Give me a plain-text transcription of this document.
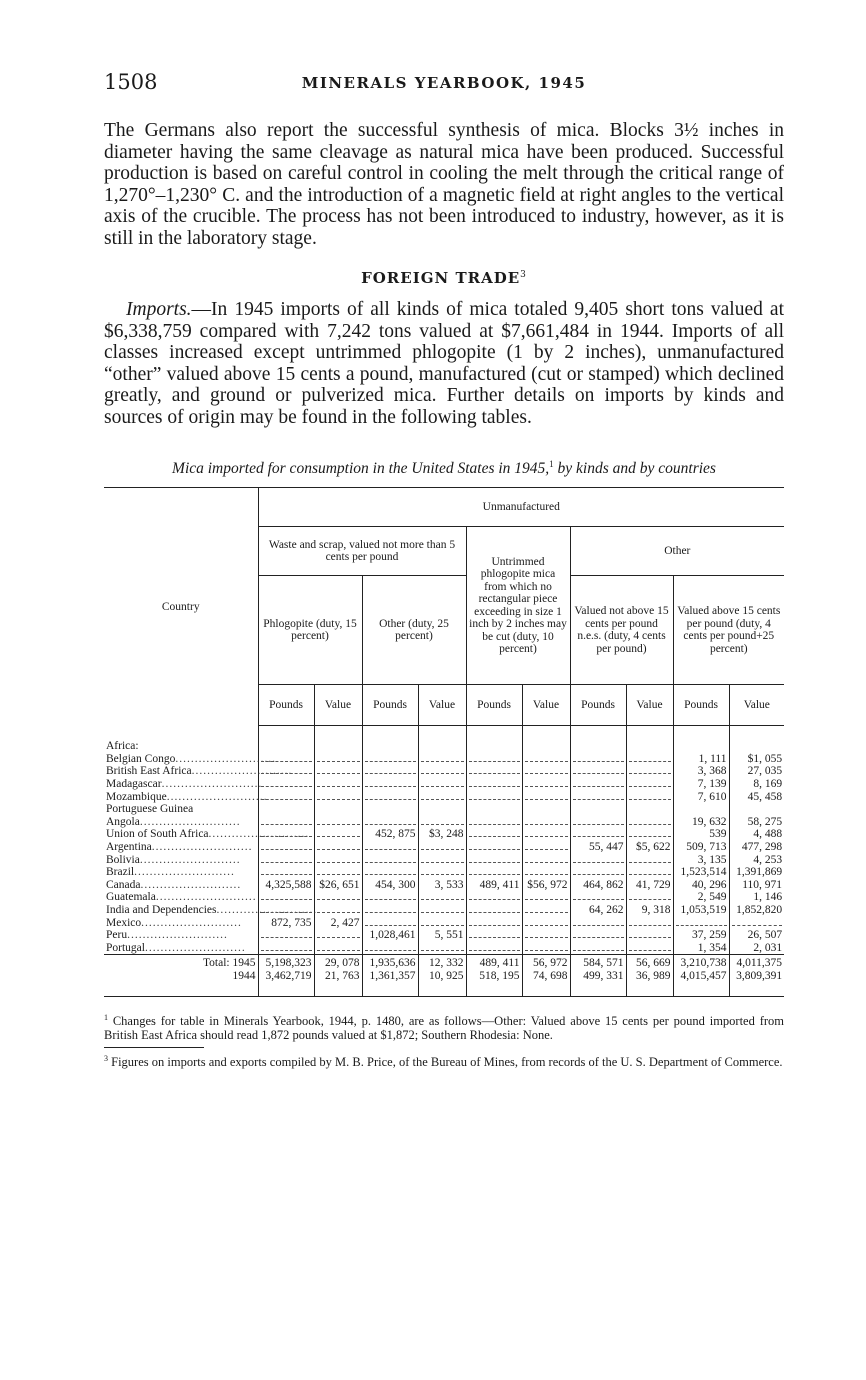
1508	MINERALS YEARBOOK, 1945

The Germans also report the successful synthesis of mica. Blocks 3½ inches in diameter having the same cleavage as natural mica have been produced. Successful production is based on careful control in cooling the melt through the critical range of 1,270°–1,230° C. and the introduction of a magnetic field at right angles to the vertical axis of the crucible. The process has not been introduced to industry, however, as it is still in the laboratory stage.

FOREIGN TRADE$^3$

Imports.—In 1945 imports of all kinds of mica totaled 9,405 short tons valued at $6,338,759 compared with 7,242 tons valued at $7,661,484 in 1944. Imports of all classes increased except untrimmed phlogopite (1 by 2 inches), unmanufactured “other” valued above 15 cents a pound, manufactured (cut or stamped) which declined greatly, and ground or pulverized mica. Further details on imports by kinds and sources of origin may be found in the following tables.

Mica imported for consumption in the United States in 1945,$^1$ by kinds and by countries
Country	Unmanufactured									
	Waste and scrap, valued not more than 5 cents per pound				Untrimmed phlogopite mica from which no rectangular piece exceeding in size 1 inch by 2 inches may be cut (duty, 10 percent)		Other			
	Phlogopite (duty, 15 percent)		Other (duty, 25 percent)				Valued not above 15 cents per pound n.e.s. (duty, 4 cents per pound)		Valued above 15 cents per pound (duty, 4 cents per pound+25 percent)	
	Pounds	Value	Pounds	Value	Pounds	Value	Pounds	Value	Pounds	Value

Africa:										
Belgian Congo..........................									1, 111	$1, 055
British East Africa..........................									3, 368	27, 035
Madagascar..........................									7, 139	8, 169
Mozambique..........................									7, 610	45, 458
Portuguese Guinea										
Angola..........................									19, 632	58, 275
Union of South Africa..........................			452, 875	$3, 248					539	4, 488
Argentina..........................							55, 447	$5, 622	509, 713	477, 298
Bolivia..........................									3, 135	4, 253
Brazil..........................									1,523,514	1,391,869
Canada..........................	4,325,588	$26, 651	454, 300	3, 533	489, 411	$56, 972	464, 862	41, 729	40, 296	110, 971
Guatemala..........................									2, 549	1, 146
India and Dependencies..........................							64, 262	9, 318	1,053,519	1,852,820
Mexico..........................	872, 735	2, 427								
Peru..........................			1,028,461	5, 551					37, 259	26, 507
Portugal..........................									1, 354	2, 031
Total: 1945	5,198,323	29, 078	1,935,636	12, 332	489, 411	56, 972	584, 571	56, 669	3,210,738	4,011,375
1944	3,462,719	21, 763	1,361,357	10, 925	518, 195	74, 698	499, 331	36, 989	4,015,457	3,809,391

$^1$ Changes for table in Minerals Yearbook, 1944, p. 1480, are as follows—Other: Valued above 15 cents per pound imported from British East Africa should read 1,872 pounds valued at $1,872; Southern Rhodesia: None.

$^3$ Figures on imports and exports compiled by M. B. Price, of the Bureau of Mines, from records of the U. S. Department of Commerce.
